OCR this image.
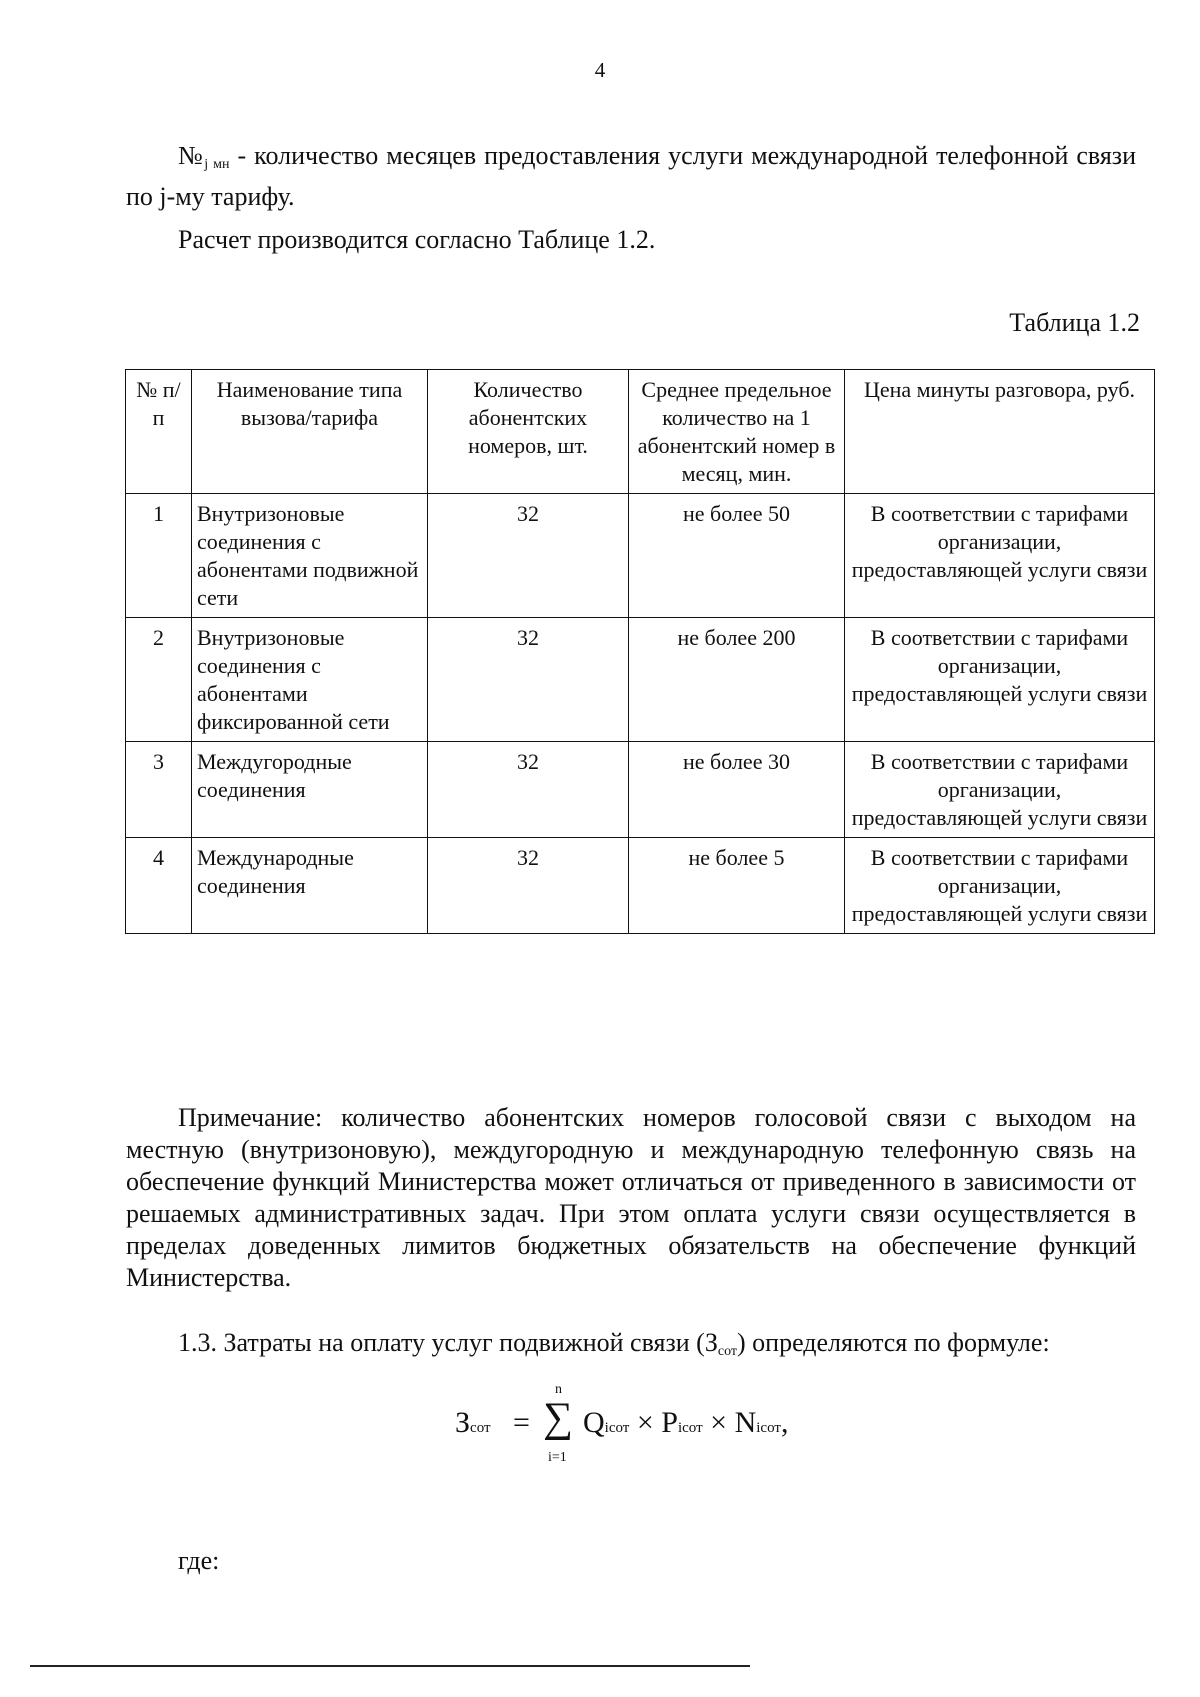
4
№j мн - количество месяцев предоставления услуги международной телефонной связи по j-му тарифу.
Расчет производится согласно Таблице 1.2.
Таблица 1.2
№ п/п	Наименование типа вызова/тарифа	Количество абонентских номеров, шт.	Среднее предельное количество на 1 абонентский номер в месяц, мин.	Цена минуты разговора, руб.
1	Внутризоновые соединения с абонентами подвижной сети	32	не более 50	В соответствии с тарифами организации, предоставляющей услуги связи
2	Внутризоновые соединения с абонентами фиксированной сети	32	не более 200	В соответствии с тарифами организации, предоставляющей услуги связи
3	Междугородные соединения	32	не более 30	В соответствии с тарифами организации, предоставляющей услуги связи
4	Международные соединения	32	не более 5	В соответствии с тарифами организации, предоставляющей услуги связи
Примечание: количество абонентских номеров голосовой связи с выходом на местную (внутризоновую), междугородную и международную телефонную связь на обеспечение функций Министерства может отличаться от приведенного в зависимости от решаемых административных задач. При этом оплата услуги связи осуществляется в пределах доведенных лимитов бюджетных обязательств на обеспечение функций Министерства.
1.3. Затраты на оплату услуг подвижной связи (Зсот) определяются по формуле:
Зсот =
n
∑
i=1
Qiсот × Piсот × Niсот,
где:
